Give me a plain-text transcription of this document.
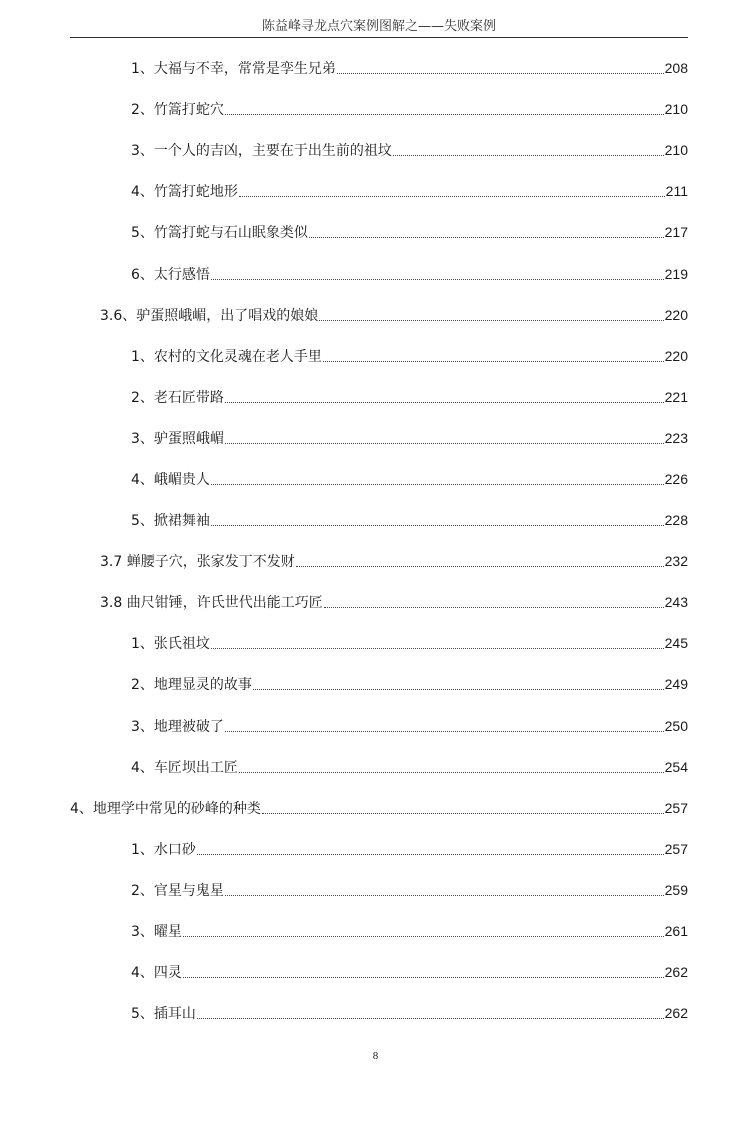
陈益峰寻龙点穴案例图解之——失败案例
1、大福与不幸，常常是孪生兄弟	208
2、竹篙打蛇穴	210
3、一个人的吉凶，主要在于出生前的祖坟	210
4、竹篙打蛇地形	211
5、竹篙打蛇与石山眠象类似	217
6、太行感悟	219
3.6、驴蛋照峨嵋，出了唱戏的娘娘	220
1、农村的文化灵魂在老人手里	220
2、老石匠带路	221
3、驴蛋照峨嵋	223
4、峨嵋贵人	226
5、掀裙舞袖	228
3.7 蝉腰子穴，张家发丁不发财	232
3.8 曲尺钳锤，许氏世代出能工巧匠	243
1、张氏祖坟	245
2、地理显灵的故事	249
3、地理被破了	250
4、车匠坝出工匠	254
4、地理学中常见的砂峰的种类	257
1、水口砂	257
2、官星与鬼星	259
3、曜星	261
4、四灵	262
5、插耳山	262
8
